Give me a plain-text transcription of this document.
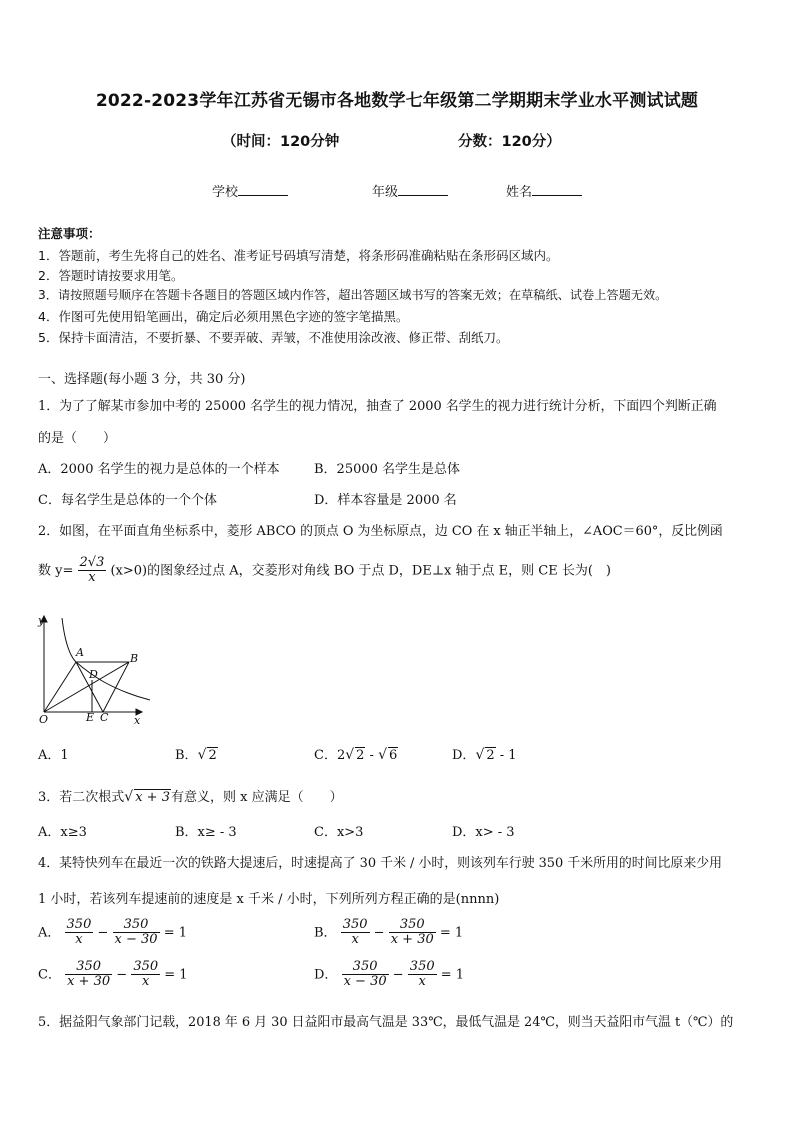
2022-2023学年江苏省无锡市各地数学七年级第二学期期末学业水平测试试题
（时间：120分钟	分数：120分）
学校	年级	姓名
注意事项：
1．答题前，考生先将自己的姓名、准考证号码填写清楚，将条形码准确粘贴在条形码区域内。
2．答题时请按要求用笔。
3．请按照题号顺序在答题卡各题目的答题区域内作答，超出答题区域书写的答案无效；在草稿纸、试卷上答题无效。
4．作图可先使用铅笔画出，确定后必须用黑色字迹的签字笔描黑。
5．保持卡面清洁，不要折暴、不要弄破、弄皱，不准使用涂改液、修正带、刮纸刀。
一、选择题(每小题 3 分，共 30 分)
1．为了了解某市参加中考的 25000 名学生的视力情况，抽查了 2000 名学生的视力进行统计分析，下面四个判断正确
的是（　　）
A．2000 名学生的视力是总体的一个样本	B．25000 名学生是总体
C．每名学生是总体的一个个体	D．样本容量是 2000 名
2．如图，在平面直角坐标系中，菱形 ABCO 的顶点 O 为坐标原点，边 CO 在 x 轴正半轴上，∠AOC＝60°，反比例函
数 $y= \frac{2√3}{x} (x>0)$的图象经过点 A，交菱形对角线 BO 于点 D，DE⊥x 轴于点 E，则 CE 长为(　)
y
x
O
A	B
D
E C
A．1	B．√ 2	C．2√ 2 - √ 6	D．√ 2 - 1
3．若二次根式√ x + 3有意义，则 x 应满足（　　）
A．x≥3	B．x≥ - 3	C．x>3	D．x> - 3
4．某特快列车在最近一次的铁路大提速后，时速提高了 30 千米 / 小时，则该列车行驶 350 千米所用的时间比原来少用
1 小时，若该列车提速前的速度是 x 千米 / 小时，下列所列方程正确的是(nnnn)
A． $\frac{350}{x} - \frac{350}{x - 30} = 1$	B． $\frac{350}{x} - \frac{350}{x + 30} = 1$
C． $\frac{350}{x + 30} - \frac{350}{x} = 1$	D． $\frac{350}{x - 30} - \frac{350}{x} = 1$
5．据益阳气象部门记载，2018 年 6 月 30 日益阳市最高气温是 33℃，最低气温是 24℃，则当天益阳市气温 t（℃）的
